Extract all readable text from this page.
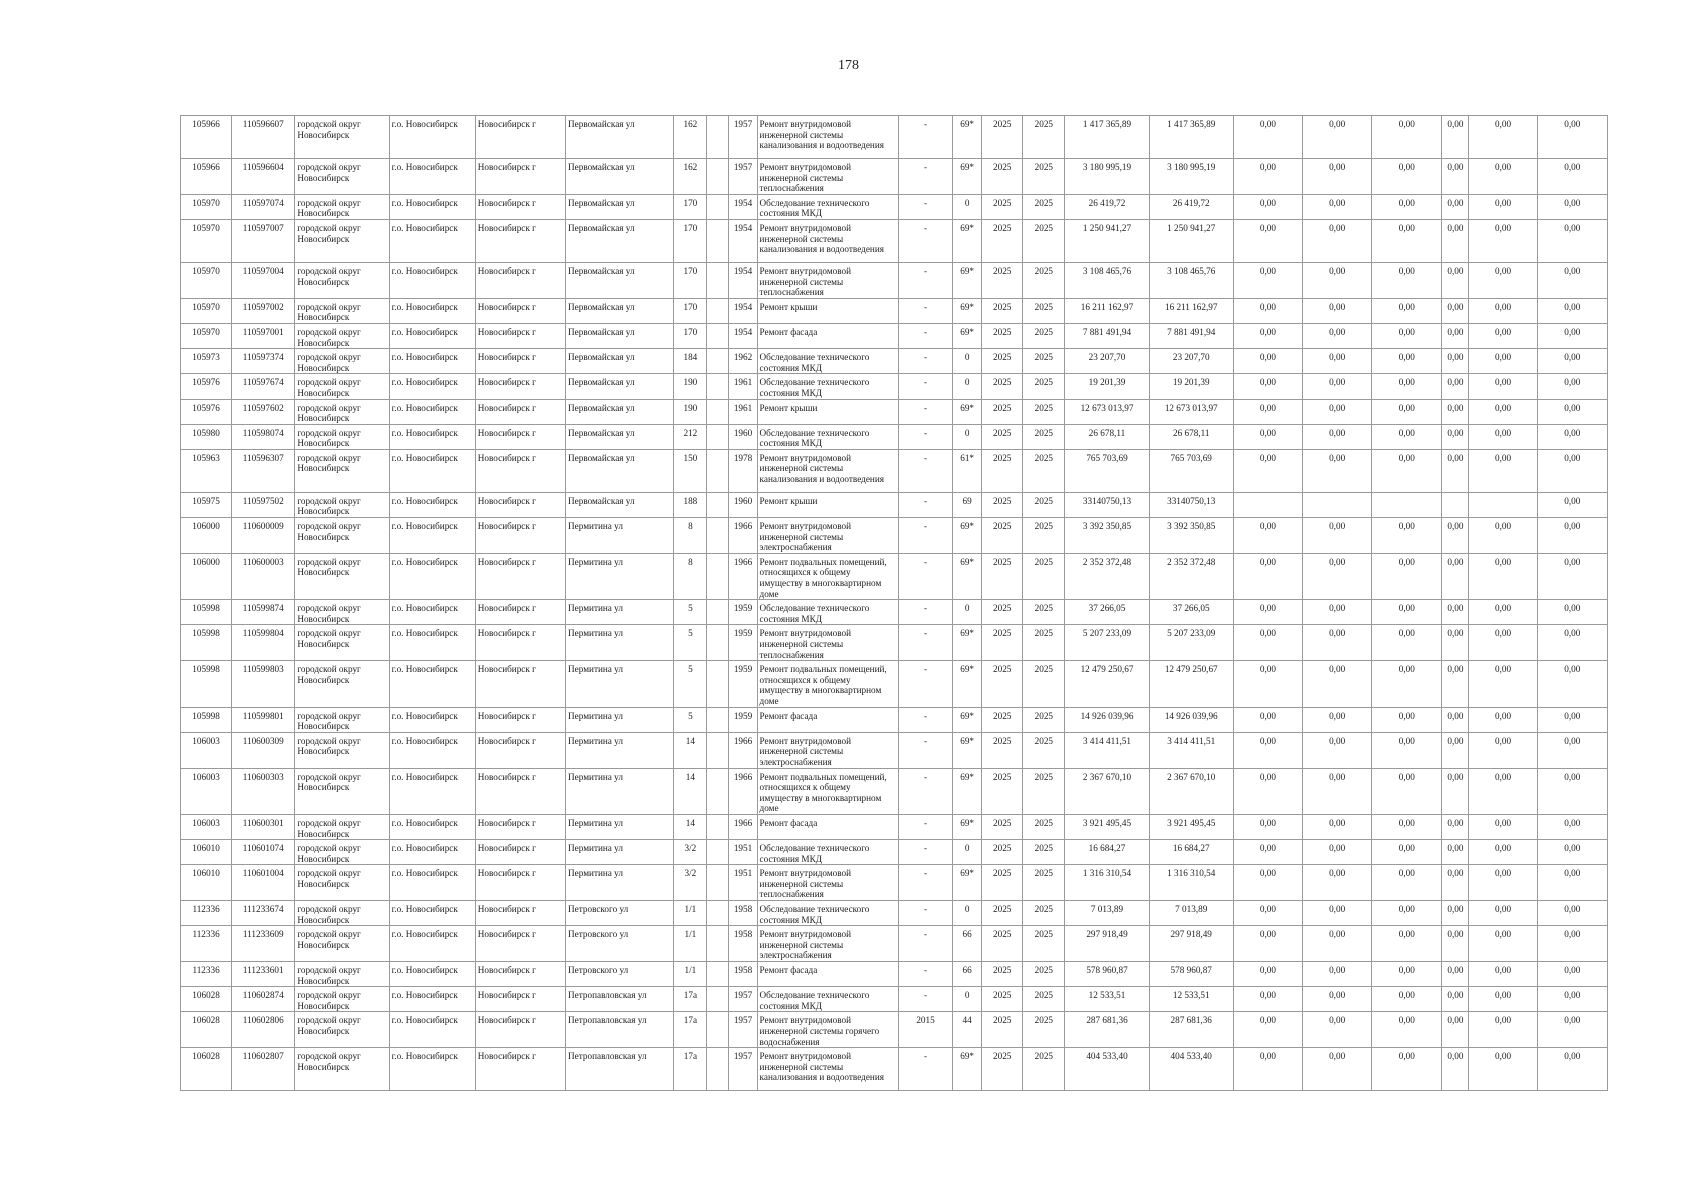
178
105966	110596607	городской округ Новосибирск	г.о. Новосибирск	Новосибирск г	Первомайская ул	162		1957	Ремонт внутридомовой инженерной системы канализования и водоотведения	-	69*	2025	2025	1 417 365,89	1 417 365,89	0,00	0,00	0,00	0,00	0,00	0,00
105966	110596604	городской округ Новосибирск	г.о. Новосибирск	Новосибирск г	Первомайская ул	162		1957	Ремонт внутридомовой инженерной системы теплоснабжения	-	69*	2025	2025	3 180 995,19	3 180 995,19	0,00	0,00	0,00	0,00	0,00	0,00
105970	110597074	городской округ Новосибирск	г.о. Новосибирск	Новосибирск г	Первомайская ул	170		1954	Обследование технического состояния МКД	-	0	2025	2025	26 419,72	26 419,72	0,00	0,00	0,00	0,00	0,00	0,00
105970	110597007	городской округ Новосибирск	г.о. Новосибирск	Новосибирск г	Первомайская ул	170		1954	Ремонт внутридомовой инженерной системы канализования и водоотведения	-	69*	2025	2025	1 250 941,27	1 250 941,27	0,00	0,00	0,00	0,00	0,00	0,00
105970	110597004	городской округ Новосибирск	г.о. Новосибирск	Новосибирск г	Первомайская ул	170		1954	Ремонт внутридомовой инженерной системы теплоснабжения	-	69*	2025	2025	3 108 465,76	3 108 465,76	0,00	0,00	0,00	0,00	0,00	0,00
105970	110597002	городской округ Новосибирск	г.о. Новосибирск	Новосибирск г	Первомайская ул	170		1954	Ремонт крыши	-	69*	2025	2025	16 211 162,97	16 211 162,97	0,00	0,00	0,00	0,00	0,00	0,00
105970	110597001	городской округ Новосибирск	г.о. Новосибирск	Новосибирск г	Первомайская ул	170		1954	Ремонт фасада	-	69*	2025	2025	7 881 491,94	7 881 491,94	0,00	0,00	0,00	0,00	0,00	0,00
105973	110597374	городской округ Новосибирск	г.о. Новосибирск	Новосибирск г	Первомайская ул	184		1962	Обследование технического состояния МКД	-	0	2025	2025	23 207,70	23 207,70	0,00	0,00	0,00	0,00	0,00	0,00
105976	110597674	городской округ Новосибирск	г.о. Новосибирск	Новосибирск г	Первомайская ул	190		1961	Обследование технического состояния МКД	-	0	2025	2025	19 201,39	19 201,39	0,00	0,00	0,00	0,00	0,00	0,00
105976	110597602	городской округ Новосибирск	г.о. Новосибирск	Новосибирск г	Первомайская ул	190		1961	Ремонт крыши	-	69*	2025	2025	12 673 013,97	12 673 013,97	0,00	0,00	0,00	0,00	0,00	0,00
105980	110598074	городской округ Новосибирск	г.о. Новосибирск	Новосибирск г	Первомайская ул	212		1960	Обследование технического состояния МКД	-	0	2025	2025	26 678,11	26 678,11	0,00	0,00	0,00	0,00	0,00	0,00
105963	110596307	городской округ Новосибирск	г.о. Новосибирск	Новосибирск г	Первомайская ул	150		1978	Ремонт внутридомовой инженерной системы канализования и водоотведения	-	61*	2025	2025	765 703,69	765 703,69	0,00	0,00	0,00	0,00	0,00	0,00
105975	110597502	городской округ Новосибирск	г.о. Новосибирск	Новосибирск г	Первомайская ул	188		1960	Ремонт крыши	-	69	2025	2025	33140750,13	33140750,13						0,00
106000	110600009	городской округ Новосибирск	г.о. Новосибирск	Новосибирск г	Пермитина ул	8		1966	Ремонт внутридомовой инженерной системы электроснабжения	-	69*	2025	2025	3 392 350,85	3 392 350,85	0,00	0,00	0,00	0,00	0,00	0,00
106000	110600003	городской округ Новосибирск	г.о. Новосибирск	Новосибирск г	Пермитина ул	8		1966	Ремонт подвальных помещений, относящихся к общему имуществу в многоквартирном доме	-	69*	2025	2025	2 352 372,48	2 352 372,48	0,00	0,00	0,00	0,00	0,00	0,00
105998	110599874	городской округ Новосибирск	г.о. Новосибирск	Новосибирск г	Пермитина ул	5		1959	Обследование технического состояния МКД	-	0	2025	2025	37 266,05	37 266,05	0,00	0,00	0,00	0,00	0,00	0,00
105998	110599804	городской округ Новосибирск	г.о. Новосибирск	Новосибирск г	Пермитина ул	5		1959	Ремонт внутридомовой инженерной системы теплоснабжения	-	69*	2025	2025	5 207 233,09	5 207 233,09	0,00	0,00	0,00	0,00	0,00	0,00
105998	110599803	городской округ Новосибирск	г.о. Новосибирск	Новосибирск г	Пермитина ул	5		1959	Ремонт подвальных помещений, относящихся к общему имуществу в многоквартирном доме	-	69*	2025	2025	12 479 250,67	12 479 250,67	0,00	0,00	0,00	0,00	0,00	0,00
105998	110599801	городской округ Новосибирск	г.о. Новосибирск	Новосибирск г	Пермитина ул	5		1959	Ремонт фасада	-	69*	2025	2025	14 926 039,96	14 926 039,96	0,00	0,00	0,00	0,00	0,00	0,00
106003	110600309	городской округ Новосибирск	г.о. Новосибирск	Новосибирск г	Пермитина ул	14		1966	Ремонт внутридомовой инженерной системы электроснабжения	-	69*	2025	2025	3 414 411,51	3 414 411,51	0,00	0,00	0,00	0,00	0,00	0,00
106003	110600303	городской округ Новосибирск	г.о. Новосибирск	Новосибирск г	Пермитина ул	14		1966	Ремонт подвальных помещений, относящихся к общему имуществу в многоквартирном доме	-	69*	2025	2025	2 367 670,10	2 367 670,10	0,00	0,00	0,00	0,00	0,00	0,00
106003	110600301	городской округ Новосибирск	г.о. Новосибирск	Новосибирск г	Пермитина ул	14		1966	Ремонт фасада	-	69*	2025	2025	3 921 495,45	3 921 495,45	0,00	0,00	0,00	0,00	0,00	0,00
106010	110601074	городской округ Новосибирск	г.о. Новосибирск	Новосибирск г	Пермитина ул	3/2		1951	Обследование технического состояния МКД	-	0	2025	2025	16 684,27	16 684,27	0,00	0,00	0,00	0,00	0,00	0,00
106010	110601004	городской округ Новосибирск	г.о. Новосибирск	Новосибирск г	Пермитина ул	3/2		1951	Ремонт внутридомовой инженерной системы теплоснабжения	-	69*	2025	2025	1 316 310,54	1 316 310,54	0,00	0,00	0,00	0,00	0,00	0,00
112336	111233674	городской округ Новосибирск	г.о. Новосибирск	Новосибирск г	Петровского ул	1/1		1958	Обследование технического состояния МКД	-	0	2025	2025	7 013,89	7 013,89	0,00	0,00	0,00	0,00	0,00	0,00
112336	111233609	городской округ Новосибирск	г.о. Новосибирск	Новосибирск г	Петровского ул	1/1		1958	Ремонт внутридомовой инженерной системы электроснабжения	-	66	2025	2025	297 918,49	297 918,49	0,00	0,00	0,00	0,00	0,00	0,00
112336	111233601	городской округ Новосибирск	г.о. Новосибирск	Новосибирск г	Петровского ул	1/1		1958	Ремонт фасада	-	66	2025	2025	578 960,87	578 960,87	0,00	0,00	0,00	0,00	0,00	0,00
106028	110602874	городской округ Новосибирск	г.о. Новосибирск	Новосибирск г	Петропавловская ул	17а		1957	Обследование технического состояния МКД	-	0	2025	2025	12 533,51	12 533,51	0,00	0,00	0,00	0,00	0,00	0,00
106028	110602806	городской округ Новосибирск	г.о. Новосибирск	Новосибирск г	Петропавловская ул	17а		1957	Ремонт внутридомовой инженерной системы горячего водоснабжения	2015	44	2025	2025	287 681,36	287 681,36	0,00	0,00	0,00	0,00	0,00	0,00
106028	110602807	городской округ Новосибирск	г.о. Новосибирск	Новосибирск г	Петропавловская ул	17а		1957	Ремонт внутридомовой инженерной системы канализования и водоотведения	-	69*	2025	2025	404 533,40	404 533,40	0,00	0,00	0,00	0,00	0,00	0,00
